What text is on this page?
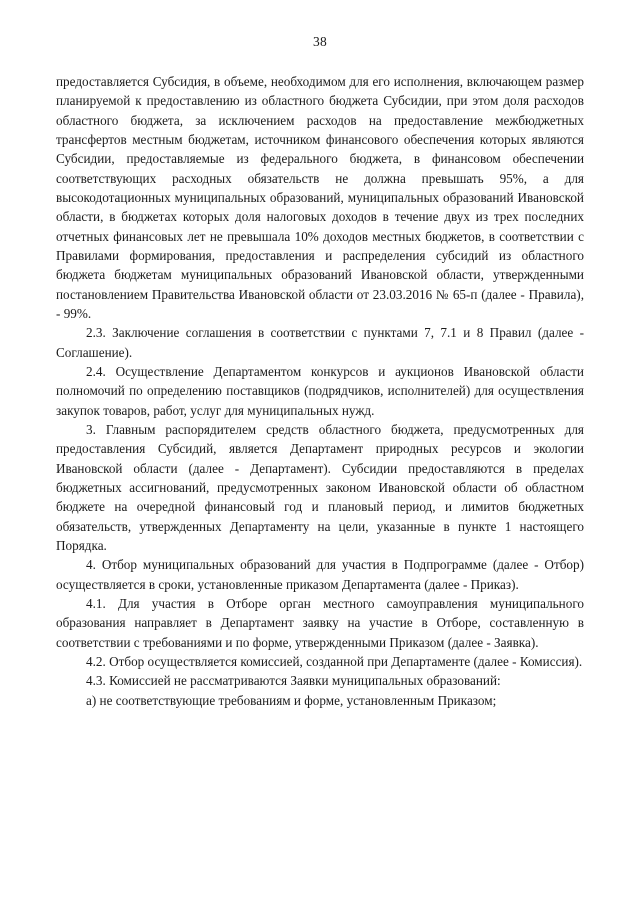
38

предоставляется Субсидия, в объеме, необходимом для его исполнения, включающем размер планируемой к предоставлению из областного бюджета Субсидии, при этом доля расходов областного бюджета, за исключением расходов на предоставление межбюджетных трансфертов местным бюджетам, источником финансового обеспечения которых являются Субсидии, предоставляемые из федерального бюджета, в финансовом обеспечении соответствующих расходных обязательств не должна превышать 95%, а для высокодотационных муниципальных образований, муниципальных образований Ивановской области, в бюджетах которых доля налоговых доходов в течение двух из трех последних отчетных финансовых лет не превышала 10% доходов местных бюджетов, в соответствии с Правилами формирования, предоставления и распределения субсидий из областного бюджета бюджетам муниципальных образований Ивановской области, утвержденными постановлением Правительства Ивановской области от 23.03.2016 № 65-п (далее - Правила), - 99%.

2.3. Заключение соглашения в соответствии с пунктами 7, 7.1 и 8 Правил (далее - Соглашение).

2.4. Осуществление Департаментом конкурсов и аукционов Ивановской области полномочий по определению поставщиков (подрядчиков, исполнителей) для осуществления закупок товаров, работ, услуг для муниципальных нужд.

3. Главным распорядителем средств областного бюджета, предусмотренных для предоставления Субсидий, является Департамент природных ресурсов и экологии Ивановской области (далее - Департамент). Субсидии предоставляются в пределах бюджетных ассигнований, предусмотренных законом Ивановской области об областном бюджете на очередной финансовый год и плановый период, и лимитов бюджетных обязательств, утвержденных Департаменту на цели, указанные в пункте 1 настоящего Порядка.

4. Отбор муниципальных образований для участия в Подпрограмме (далее - Отбор) осуществляется в сроки, установленные приказом Департамента (далее - Приказ).

4.1. Для участия в Отборе орган местного самоуправления муниципального образования направляет в Департамент заявку на участие в Отборе, составленную в соответствии с требованиями и по форме, утвержденными Приказом (далее - Заявка).

4.2. Отбор осуществляется комиссией, созданной при Департаменте (далее - Комиссия).

4.3. Комиссией не рассматриваются Заявки муниципальных образований:

а) не соответствующие требованиям и форме, установленным Приказом;
